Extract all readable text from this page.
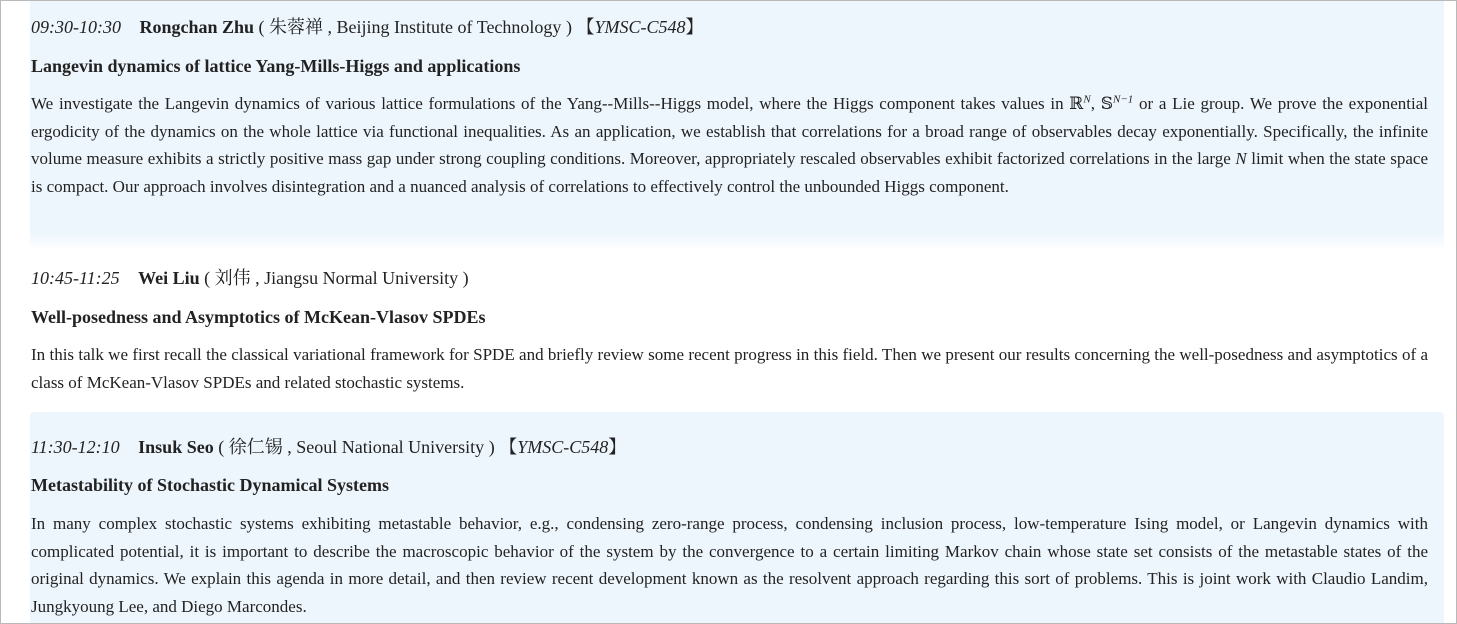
09:30-10:30 Rongchan Zhu ( 朱蓉禅 , Beijing Institute of Technology ) 【YMSC-C548】
Langevin dynamics of lattice Yang-Mills-Higgs and applications

We investigate the Langevin dynamics of various lattice formulations of the Yang--Mills--Higgs model, where the Higgs component takes values in ℝ$^N$, 𝕊$^{N-1}$ or a Lie group. We prove the exponential ergodicity of the dynamics on the whole lattice via functional inequalities. As an application, we establish that correlations for a broad range of observables decay exponentially. Specifically, the infinite volume measure exhibits a strictly positive mass gap under strong coupling conditions. Moreover, appropriately rescaled observables exhibit factorized correlations in the large N limit when the state space is compact. Our approach involves disintegration and a nuanced analysis of correlations to effectively control the unbounded Higgs component.

10:45-11:25 Wei Liu ( 刘伟 , Jiangsu Normal University )
Well-posedness and Asymptotics of McKean-Vlasov SPDEs

In this talk we first recall the classical variational framework for SPDE and briefly review some recent progress in this field. Then we present our results concerning the well-posedness and asymptotics of a class of McKean-Vlasov SPDEs and related stochastic systems.

11:30-12:10 Insuk Seo ( 徐仁锡 , Seoul National University ) 【YMSC-C548】
Metastability of Stochastic Dynamical Systems

In many complex stochastic systems exhibiting metastable behavior, e.g., condensing zero-range process, condensing inclusion process, low-temperature Ising model, or Langevin dynamics with complicated potential, it is important to describe the macroscopic behavior of the system by the convergence to a certain limiting Markov chain whose state set consists of the metastable states of the original dynamics. We explain this agenda in more detail, and then review recent development known as the resolvent approach regarding this sort of problems. This is joint work with Claudio Landim, Jungkyoung Lee, and Diego Marcondes.
